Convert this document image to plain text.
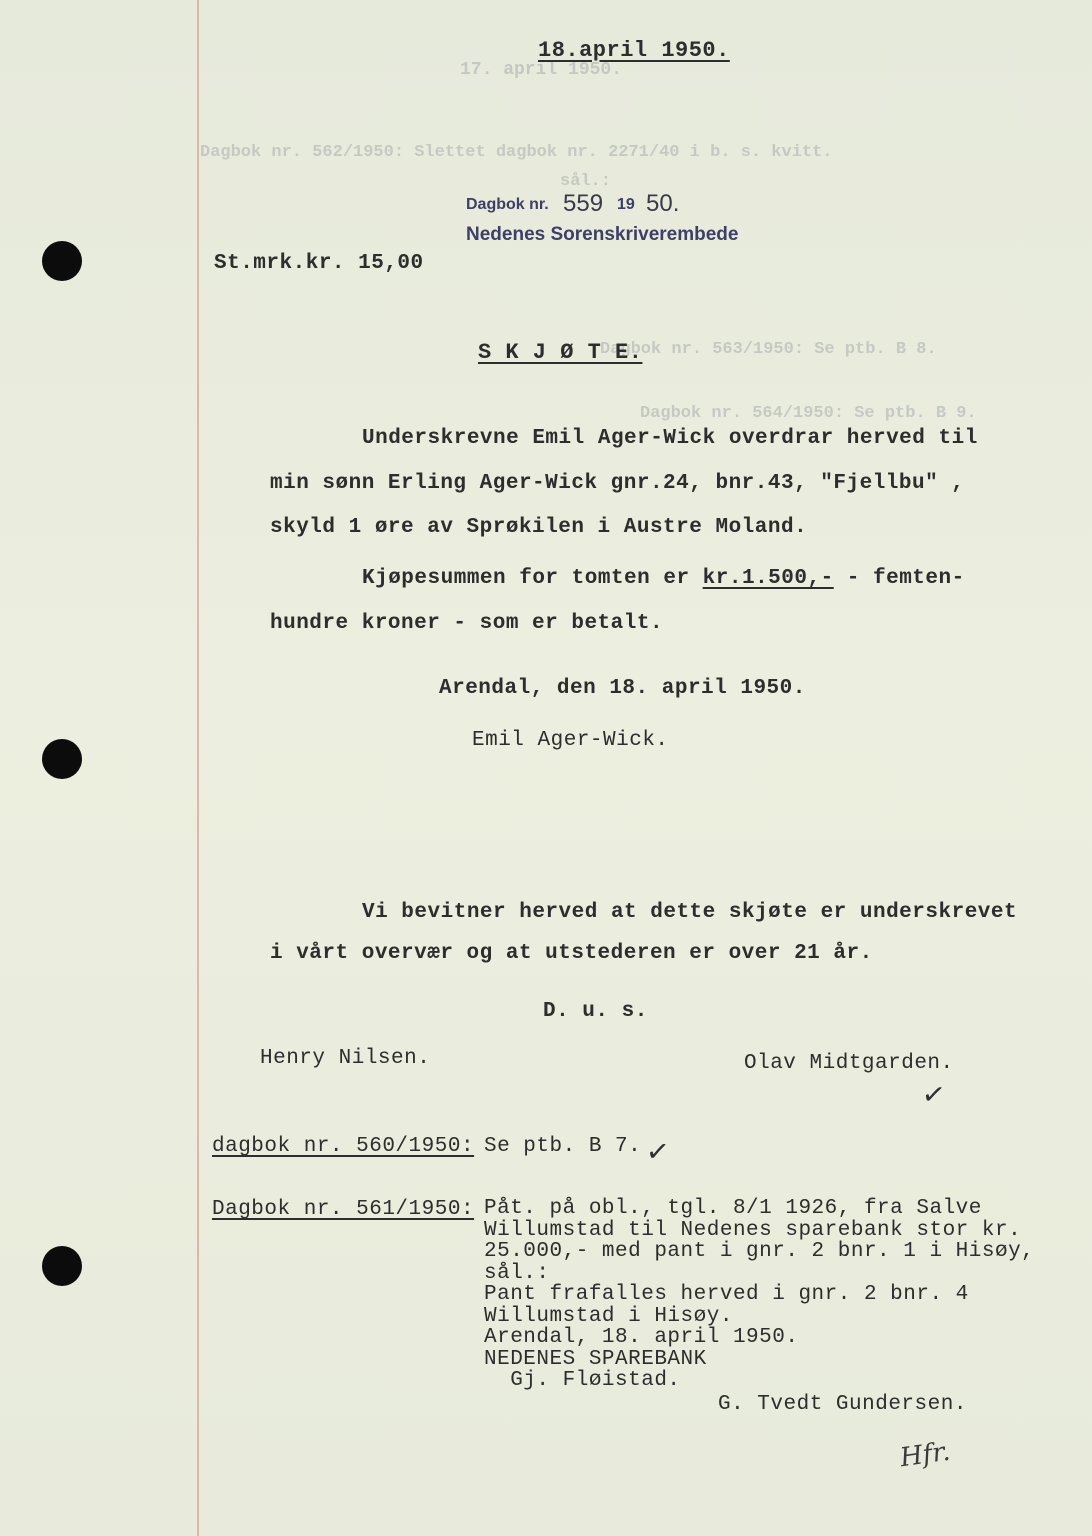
17. april 1950.
Dagbok nr. 562/1950: Slettet dagbok nr. 2271/40 i b. s. kvitt.
sål.:
Dagbok nr. 563/1950: Se ptb. B 8.
Dagbok nr. 564/1950: Se ptb. B 9.
18.april 1950.
Dagbok nr. 559 19 50.
Nedenes Sorenskriverembede
St.mrk.kr. 15,00
S K J Ø T E.
Underskrevne Emil Ager-Wick overdrar herved til
min sønn Erling Ager-Wick gnr.24, bnr.43, "Fjellbu" ,
skyld 1 øre av Sprøkilen i Austre Moland.
Kjøpesummen for tomten er kr.1.500,- - femten-
hundre kroner - som er betalt.
Arendal, den 18. april 1950.
Emil Ager-Wick.
Vi bevitner herved at dette skjøte er underskrevet
i vårt overvær og at utstederen er over 21 år.
D. u. s.
Henry Nilsen.	Olav Midtgarden.
✓
dagbok nr. 560/1950: Se ptb. B 7. ✓
Dagbok nr. 561/1950: Påt. på obl., tgl. 8/1 1926, fra Salve
Willumstad til Nedenes sparebank stor kr.
25.000,- med pant i gnr. 2 bnr. 1 i Hisøy,
sål.:
Pant frafalles herved i gnr. 2 bnr. 4
Willumstad i Hisøy.
Arendal, 18. april 1950.
NEDENES SPAREBANK
Gj. Fløistad.
G. Tvedt Gundersen.
Hfr.
